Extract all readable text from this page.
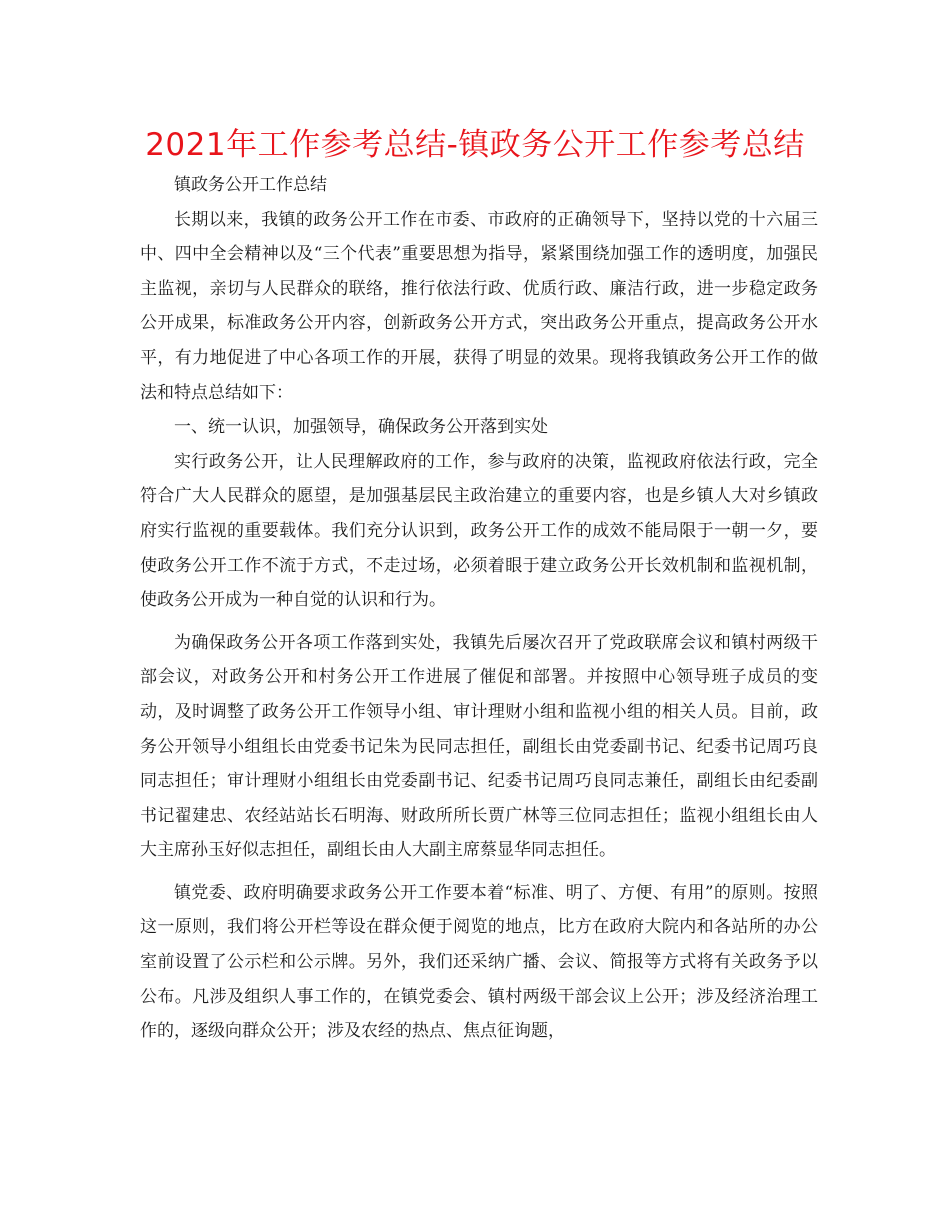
2021年工作参考总结-镇政务公开工作参考总结

镇政务公开工作总结

长期以来，我镇的政务公开工作在市委、市政府的正确领导下，坚持以党的十六届三中、四中全会精神以及“三个代表”重要思想为指导，紧紧围绕加强工作的透明度，加强民主监视，亲切与人民群众的联络，推行依法行政、优质行政、廉洁行政，进一步稳定政务公开成果，标准政务公开内容，创新政务公开方式，突出政务公开重点，提高政务公开水平，有力地促进了中心各项工作的开展，获得了明显的效果。现将我镇政务公开工作的做法和特点总结如下：

一、统一认识，加强领导，确保政务公开落到实处

实行政务公开，让人民理解政府的工作，参与政府的决策，监视政府依法行政，完全符合广大人民群众的愿望，是加强基层民主政治建立的重要内容，也是乡镇人大对乡镇政府实行监视的重要载体。我们充分认识到，政务公开工作的成效不能局限于一朝一夕，要使政务公开工作不流于方式，不走过场，必须着眼于建立政务公开长效机制和监视机制，使政务公开成为一种自觉的认识和行为。

为确保政务公开各项工作落到实处，我镇先后屡次召开了党政联席会议和镇村两级干部会议，对政务公开和村务公开工作进展了催促和部署。并按照中心领导班子成员的变动，及时调整了政务公开工作领导小组、审计理财小组和监视小组的相关人员。目前，政务公开领导小组组长由党委书记朱为民同志担任，副组长由党委副书记、纪委书记周巧良同志担任；审计理财小组组长由党委副书记、纪委书记周巧良同志兼任，副组长由纪委副书记翟建忠、农经站站长石明海、财政所所长贾广林等三位同志担任；监视小组组长由人大主席孙玉好似志担任，副组长由人大副主席蔡显华同志担任。

镇党委、政府明确要求政务公开工作要本着“标准、明了、方便、有用”的原则。按照这一原则，我们将公开栏等设在群众便于阅览的地点，比方在政府大院内和各站所的办公室前设置了公示栏和公示牌。另外，我们还采纳广播、会议、简报等方式将有关政务予以公布。凡涉及组织人事工作的，在镇党委会、镇村两级干部会议上公开；涉及经济治理工作的，逐级向群众公开；涉及农经的热点、焦点征询题，
